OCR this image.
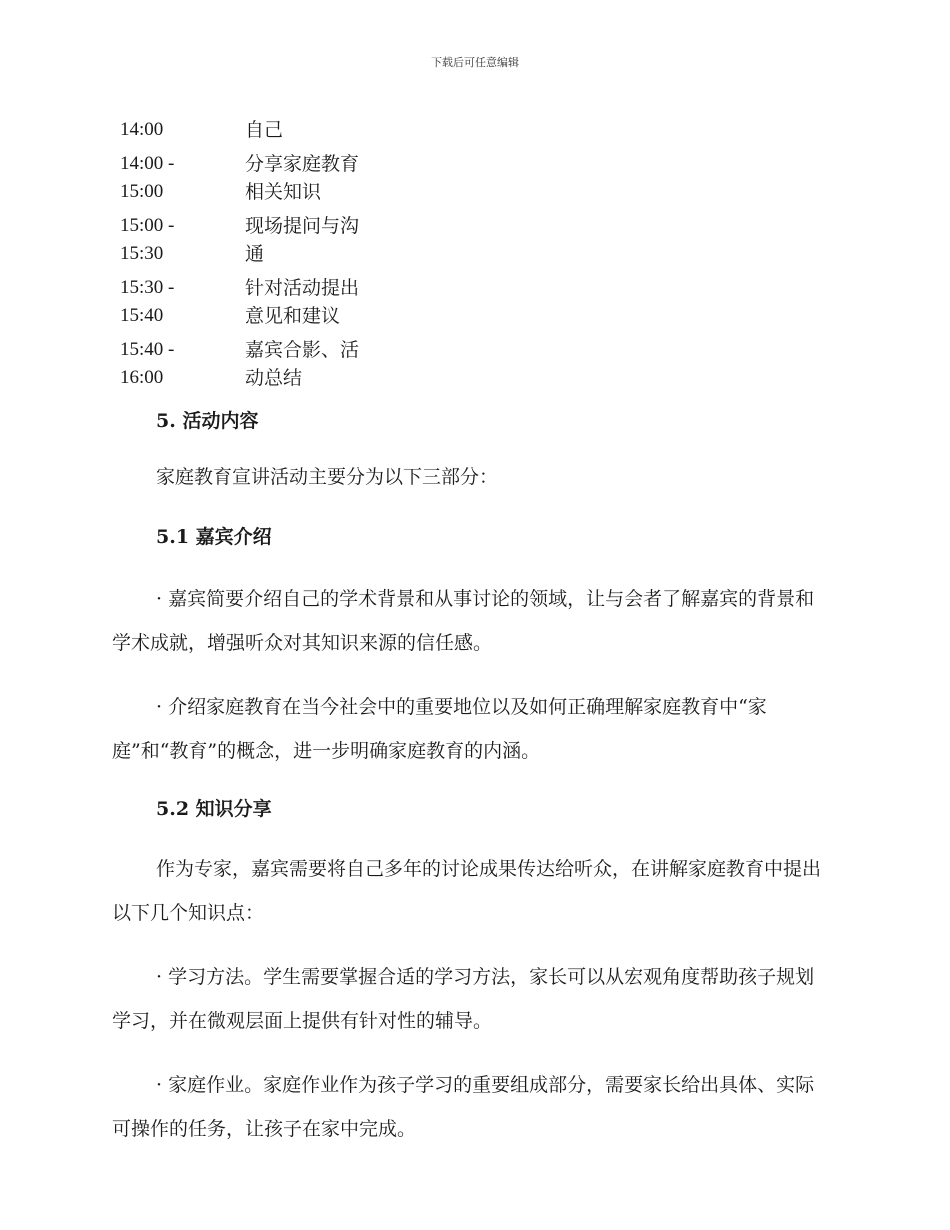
下载后可任意编辑
14:00	自己
14:00 -
15:00
分享家庭教育
相关知识
15:00 -
15:30
现场提问与沟
通
15:30 -
15:40
针对活动提出
意见和建议
15:40 -
16:00
嘉宾合影、活
动总结
5. 活动内容

家庭教育宣讲活动主要分为以下三部分：

5.1 嘉宾介绍

· 嘉宾简要介绍自己的学术背景和从事讨论的领域，让与会者了解嘉宾的背景和学术成就，增强听众对其知识来源的信任感。

· 介绍家庭教育在当今社会中的重要地位以及如何正确理解家庭教育中“家庭”和“教育”的概念，进一步明确家庭教育的内涵。

5.2 知识分享

作为专家，嘉宾需要将自己多年的讨论成果传达给听众，在讲解家庭教育中提出以下几个知识点：

· 学习方法。学生需要掌握合适的学习方法，家长可以从宏观角度帮助孩子规划学习，并在微观层面上提供有针对性的辅导。

· 家庭作业。家庭作业作为孩子学习的重要组成部分，需要家长给出具体、实际可操作的任务，让孩子在家中完成。
